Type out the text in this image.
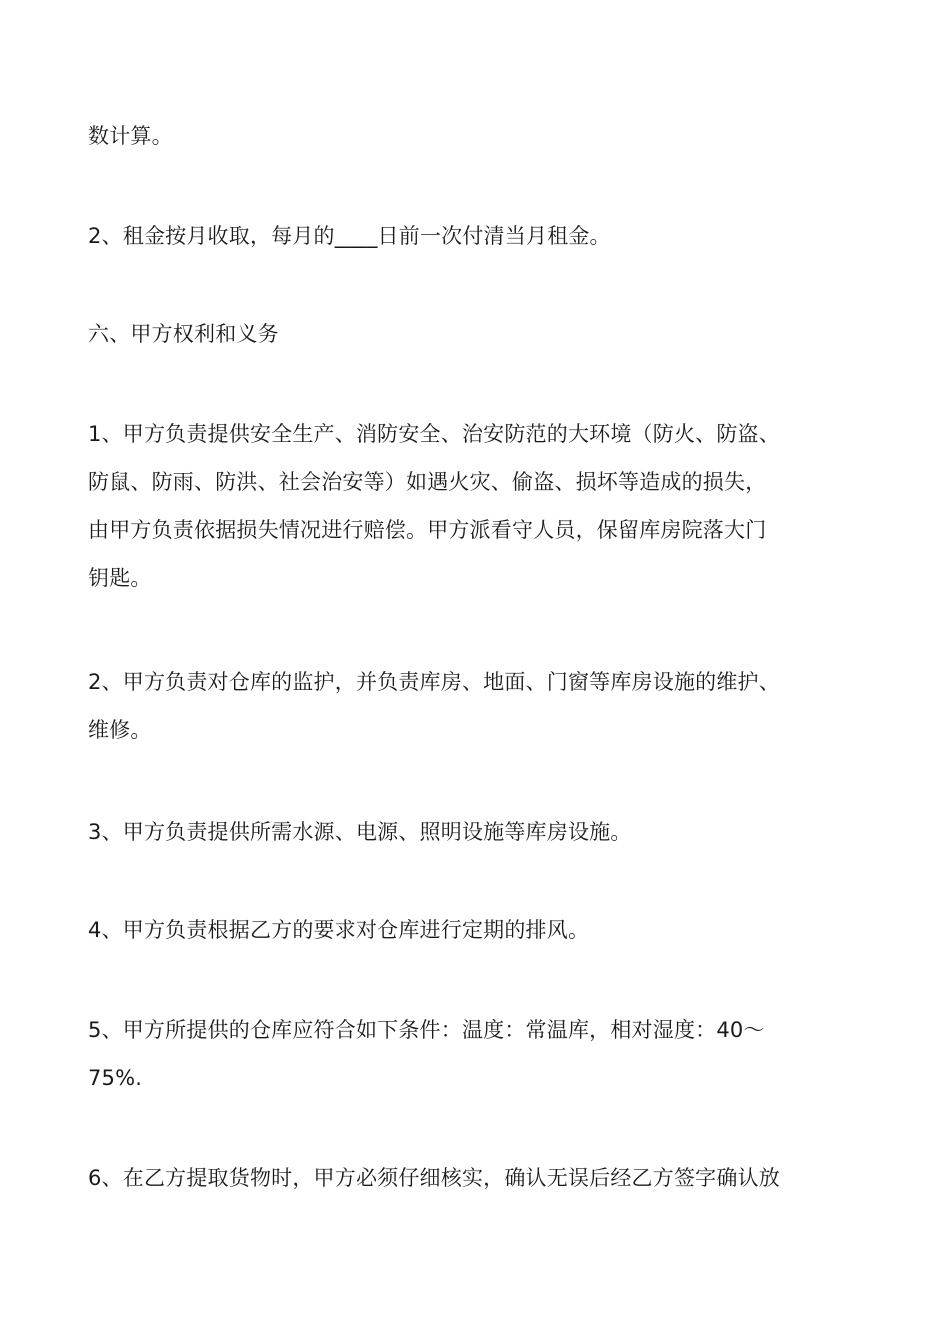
数计算。
2、租金按月收取，每月的____日前一次付清当月租金。
六、甲方权利和义务
1、甲方负责提供安全生产、消防安全、治安防范的大环境（防火、防盗、
防鼠、防雨、防洪、社会治安等）如遇火灾、偷盗、损坏等造成的损失，
由甲方负责依据损失情况进行赔偿。甲方派看守人员，保留库房院落大门
钥匙。
2、甲方负责对仓库的监护，并负责库房、地面、门窗等库房设施的维护、
维修。
3、甲方负责提供所需水源、电源、照明设施等库房设施。
4、甲方负责根据乙方的要求对仓库进行定期的排风。
5、甲方所提供的仓库应符合如下条件：温度：常温库，相对湿度：40～
75%.
6、在乙方提取货物时，甲方必须仔细核实，确认无误后经乙方签字确认放
